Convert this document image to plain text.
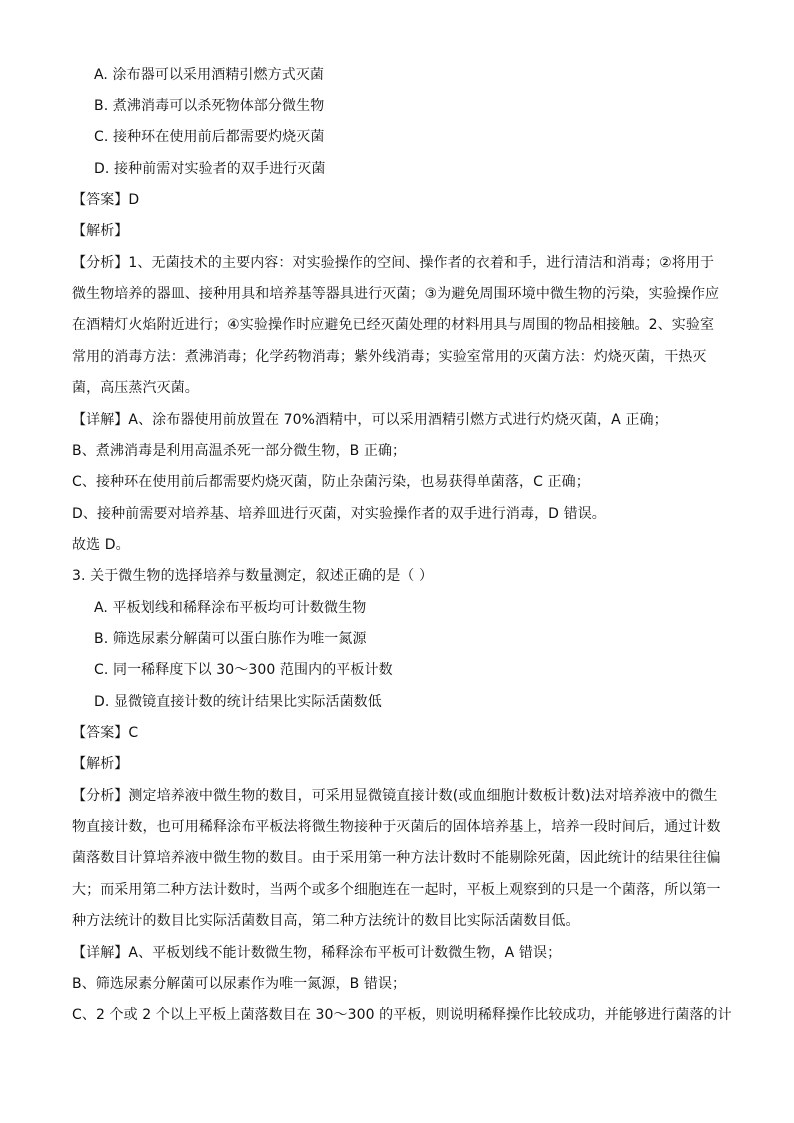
A. 涂布器可以采用酒精引燃方式灭菌
B. 煮沸消毒可以杀死物体部分微生物
C. 接种环在使用前后都需要灼烧灭菌
D. 接种前需对实验者的双手进行灭菌
【答案】D
【解析】
【分析】1、无菌技术的主要内容：对实验操作的空间、操作者的衣着和手，进行清洁和消毒；②将用于
微生物培养的器皿、接种用具和培养基等器具进行灭菌；③为避免周围环境中微生物的污染，实验操作应
在酒精灯火焰附近进行；④实验操作时应避免已经灭菌处理的材料用具与周围的物品相接触。2、实验室
常用的消毒方法：煮沸消毒；化学药物消毒；紫外线消毒；实验室常用的灭菌方法：灼烧灭菌，干热灭
菌，高压蒸汽灭菌。
【详解】A、涂布器使用前放置在 70%酒精中，可以采用酒精引燃方式进行灼烧灭菌，A 正确；
B、煮沸消毒是利用高温杀死一部分微生物，B 正确；
C、接种环在使用前后都需要灼烧灭菌，防止杂菌污染，也易获得单菌落，C 正确；
D、接种前需要对培养基、培养皿进行灭菌，对实验操作者的双手进行消毒，D 错误。
故选 D。
3. 关于微生物的选择培养与数量测定，叙述正确的是（ ）
A. 平板划线和稀释涂布平板均可计数微生物
B. 筛选尿素分解菌可以蛋白胨作为唯一氮源
C. 同一稀释度下以 30～300 范围内的平板计数
D. 显微镜直接计数的统计结果比实际活菌数低
【答案】C
【解析】
【分析】测定培养液中微生物的数目，可采用显微镜直接计数(或血细胞计数板计数)法对培养液中的微生
物直接计数，也可用稀释涂布平板法将微生物接种于灭菌后的固体培养基上，培养一段时间后，通过计数
菌落数目计算培养液中微生物的数目。由于采用第一种方法计数时不能剔除死菌，因此统计的结果往往偏
大；而采用第二种方法计数时，当两个或多个细胞连在一起时，平板上观察到的只是一个菌落，所以第一
种方法统计的数目比实际活菌数目高，第二种方法统计的数目比实际活菌数目低。
【详解】A、平板划线不能计数微生物，稀释涂布平板可计数微生物，A 错误；
B、筛选尿素分解菌可以尿素作为唯一氮源，B 错误；
C、2 个或 2 个以上平板上菌落数目在 30～300 的平板，则说明稀释操作比较成功，并能够进行菌落的计
